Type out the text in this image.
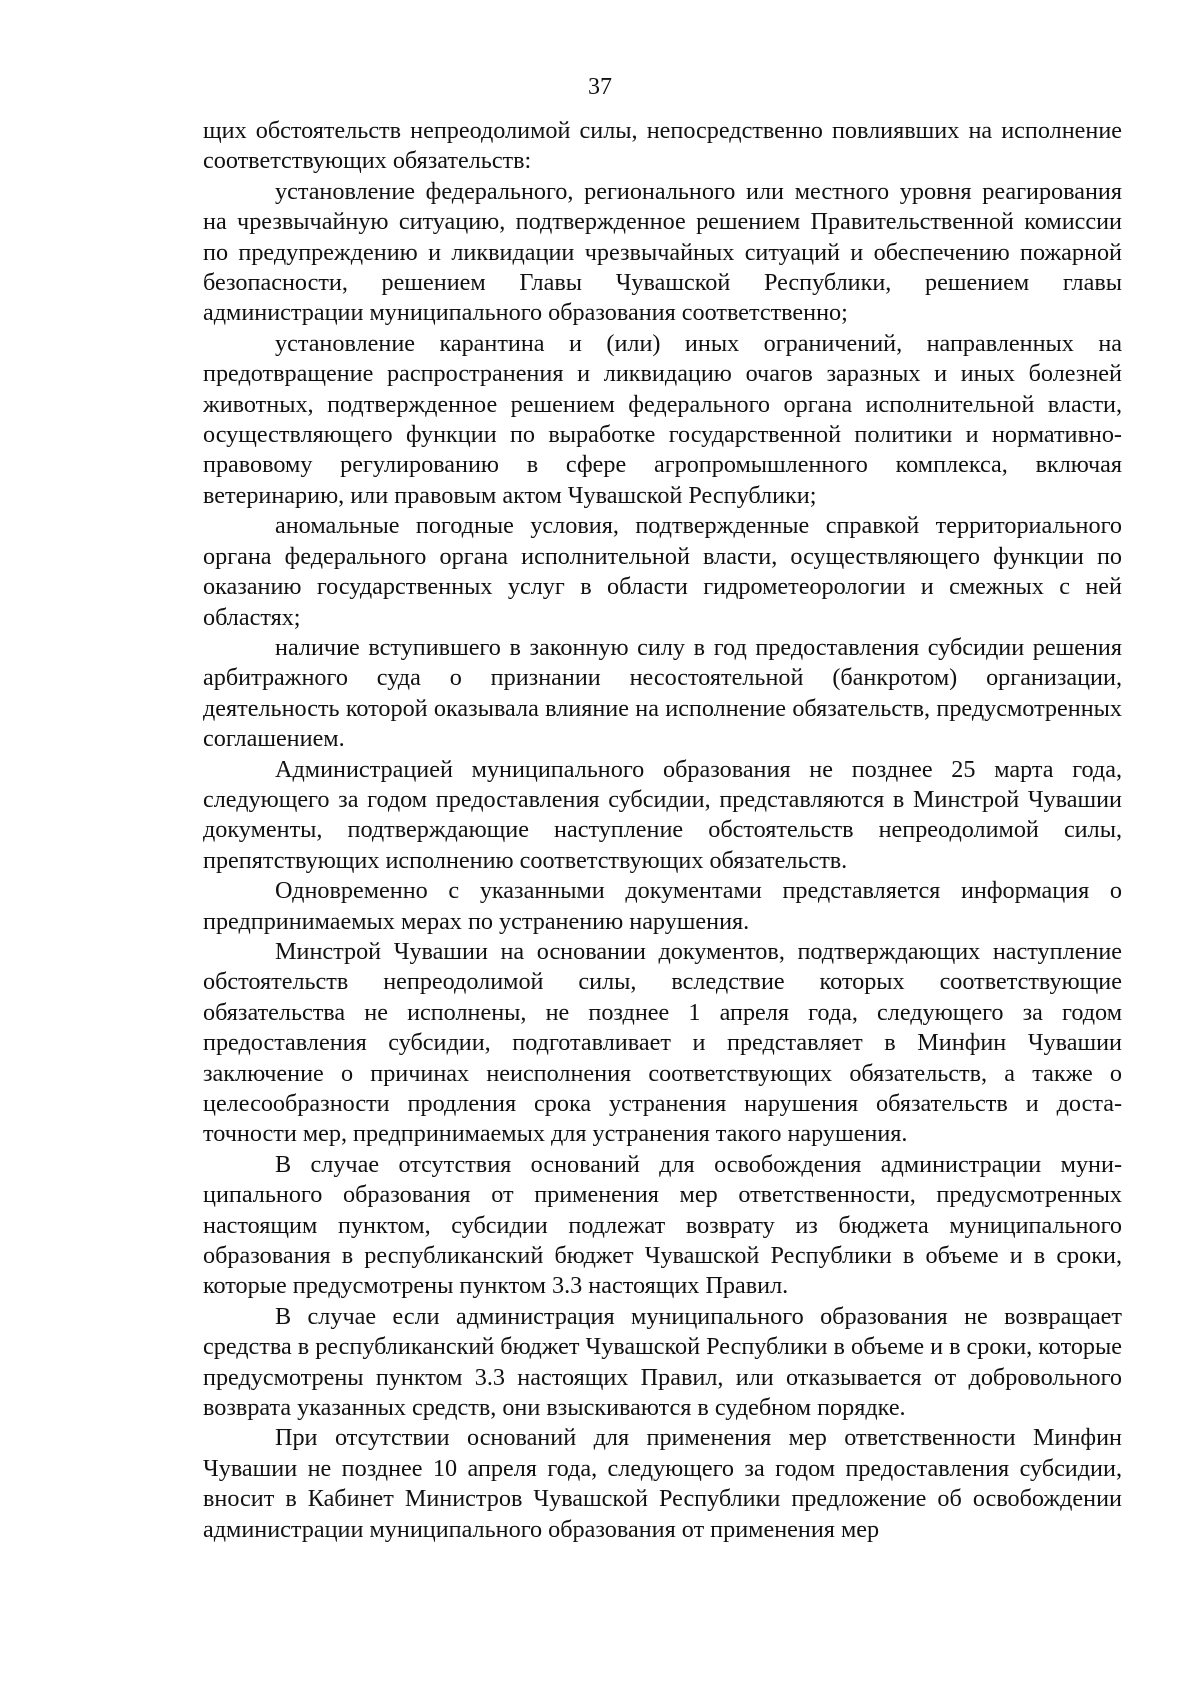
37

щих обстоятельств непреодолимой силы, непосредственно повлиявших на исполнение соответствующих обязательств:

установление федерального, регионального или местного уровня реагирования на чрезвычайную ситуацию, подтвержденное решением Правительственной комиссии по предупреждению и ликвидации чрезвычайных ситуаций и обеспечению пожарной безопасности, решением Главы Чувашской Республики, решением главы администрации муниципального образования соответственно;

установление карантина и (или) иных ограничений, направленных на предотвращение распространения и ликвидацию очагов заразных и иных болезней животных, подтвержденное решением федерального органа исполнительной власти, осуществляющего функции по выработке государственной политики и нормативно-правовому регулированию в сфере агропромышленного комплекса, включая ветеринарию, или правовым актом Чувашской Республики;

аномальные погодные условия, подтвержденные справкой территориального органа федерального органа исполнительной власти, осуществляющего функции по оказанию государственных услуг в области гидрометеорологии и смежных с ней областях;

наличие вступившего в законную силу в год предоставления субсидии решения арбитражного суда о признании несостоятельной (банкротом) организации, деятельность которой оказывала влияние на исполнение обязательств, предусмотренных соглашением.

Администрацией муниципального образования не позднее 25 марта года, следующего за годом предоставления субсидии, представляются в Минстрой Чувашии документы, подтверждающие наступление обстоятельств непреодолимой силы, препятствующих исполнению соответствующих обязательств.

Одновременно с указанными документами представляется информация о предпринимаемых мерах по устранению нарушения.

Минстрой Чувашии на основании документов, подтверждающих наступление обстоятельств непреодолимой силы, вследствие которых соответствующие обязательства не исполнены, не позднее 1 апреля года, следующего за годом предоставления субсидии, подготавливает и представляет в Минфин Чувашии заключение о причинах неисполнения соответствующих обязательств, а также о целесообразности продления срока устранения нарушения обязательств и достаточности мер, предпринимаемых для устранения такого нарушения.

В случае отсутствия оснований для освобождения администрации муниципального образования от применения мер ответственности, предусмотренных настоящим пунктом, субсидии подлежат возврату из бюджета муниципального образования в республиканский бюджет Чувашской Республики в объеме и в сроки, которые предусмотрены пунктом 3.3 настоящих Правил.

В случае если администрация муниципального образования не возвращает средства в республиканский бюджет Чувашской Республики в объеме и в сроки, которые предусмотрены пунктом 3.3 настоящих Правил, или отказывается от добровольного возврата указанных средств, они взыскиваются в судебном порядке.

При отсутствии оснований для применения мер ответственности Минфин Чувашии не позднее 10 апреля года, следующего за годом предоставления субсидии, вносит в Кабинет Министров Чувашской Республики предложение об освобождении администрации муниципального образования от применения мер
